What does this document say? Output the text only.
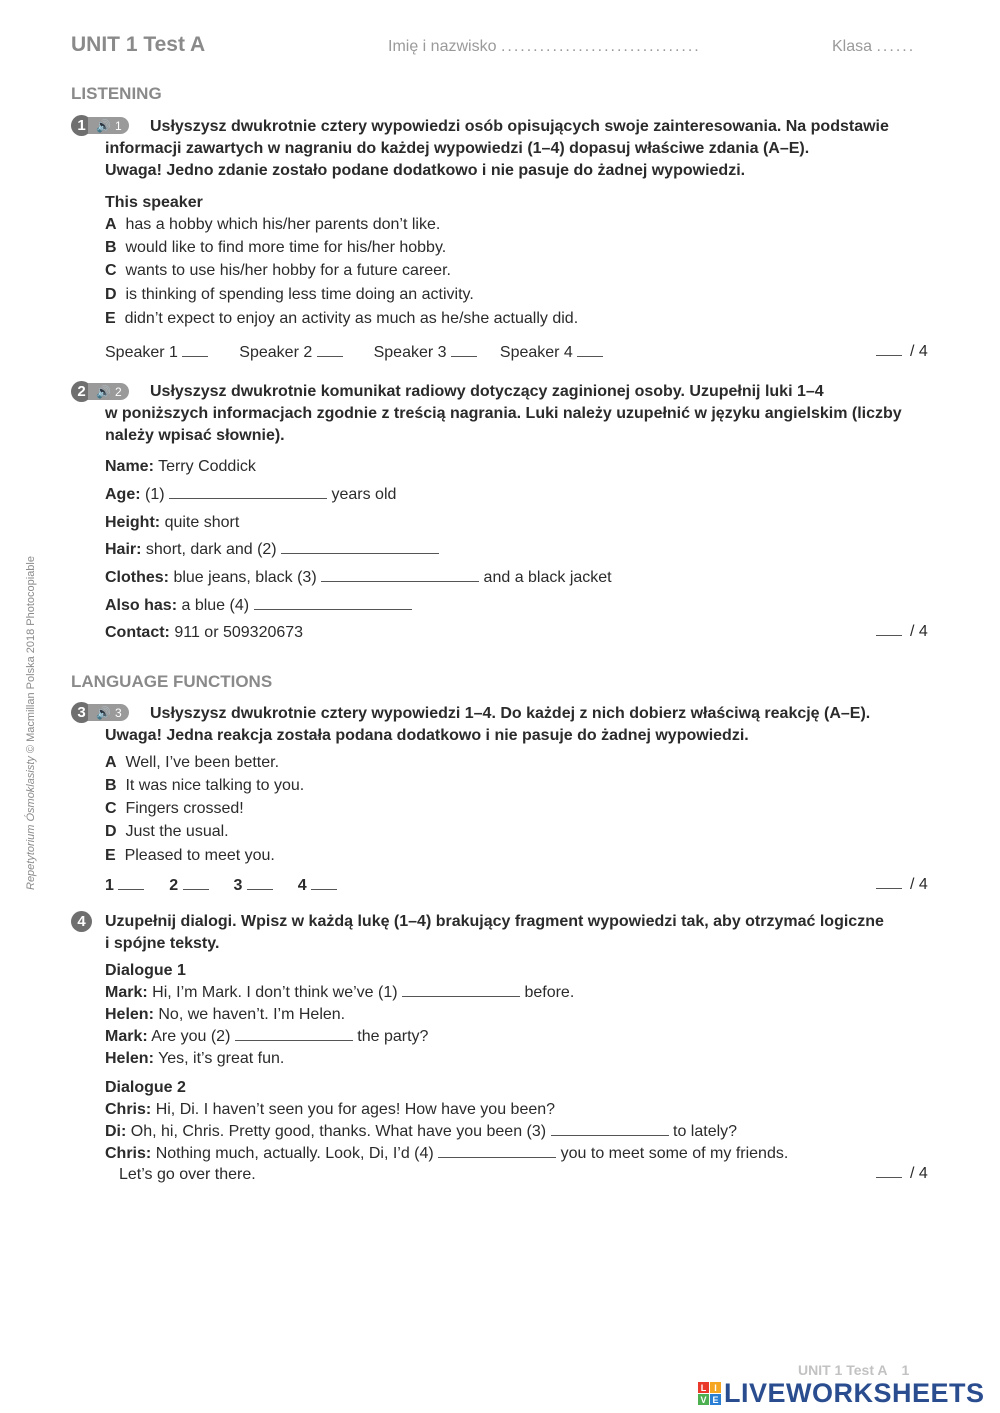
UNIT 1 Test A	Imię i nazwisko ...............................	Klasa ......
LISTENING
1 🔊 1	Usłyszysz dwukrotnie cztery wypowiedzi osób opisujących swoje zainteresowania. Na podstawie
informacji zawartych w nagraniu do każdej wypowiedzi (1–4) dopasuj właściwe zdania (A–E).
Uwaga! Jedno zdanie zostało podane dodatkowo i nie pasuje do żadnej wypowiedzi.
This speaker
A has a hobby which his/her parents don’t like.
B would like to find more time for his/her hobby.
C wants to use his/her hobby for a future career.
D is thinking of spending less time doing an activity.
E didn’t expect to enjoy an activity as much as he/she actually did.
Speaker 1	Speaker 2	Speaker 3	Speaker 4	/ 4
2 🔊 2	Usłyszysz dwukrotnie komunikat radiowy dotyczący zaginionej osoby. Uzupełnij luki 1–4
w poniższych informacjach zgodnie z treścią nagrania. Luki należy uzupełnić w języku angielskim (liczby
należy wpisać słownie).
Name: Terry Coddick
Age: (1)	years old
Height: quite short
Hair: short, dark and (2)
Clothes: blue jeans, black (3)	and a black jacket
Also has: a blue (4)
Contact: 911 or 509320673	/ 4
LANGUAGE FUNCTIONS
3 🔊 3	Usłyszysz dwukrotnie cztery wypowiedzi 1–4. Do każdej z nich dobierz właściwą reakcję (A–E).
Uwaga! Jedna reakcja została podana dodatkowo i nie pasuje do żadnej wypowiedzi.
A Well, I’ve been better.
B It was nice talking to you.
C Fingers crossed!
D Just the usual.
E Pleased to meet you.
1	2	3	4	/ 4
4	Uzupełnij dialogi. Wpisz w każdą lukę (1–4) brakujący fragment wypowiedzi tak, aby otrzymać logiczne
i spójne teksty.
Dialogue 1
Mark: Hi, I’m Mark. I don’t think we’ve (1)	before.
Helen: No, we haven’t. I’m Helen.
Mark: Are you (2)	the party?
Helen: Yes, it’s great fun.
Dialogue 2
Chris: Hi, Di. I haven’t seen you for ages! How have you been?
Di: Oh, hi, Chris. Pretty good, thanks. What have you been (3)	to lately?
Chris: Nothing much, actually. Look, Di, I’d (4)	you to meet some of my friends.
Let’s go over there.	/ 4
Repetytorium Ósmoklasisty © Macmillan Polska 2018 Photocopiable
UNIT 1 Test A 1
L I
V E LIVEWORKSHEETS
